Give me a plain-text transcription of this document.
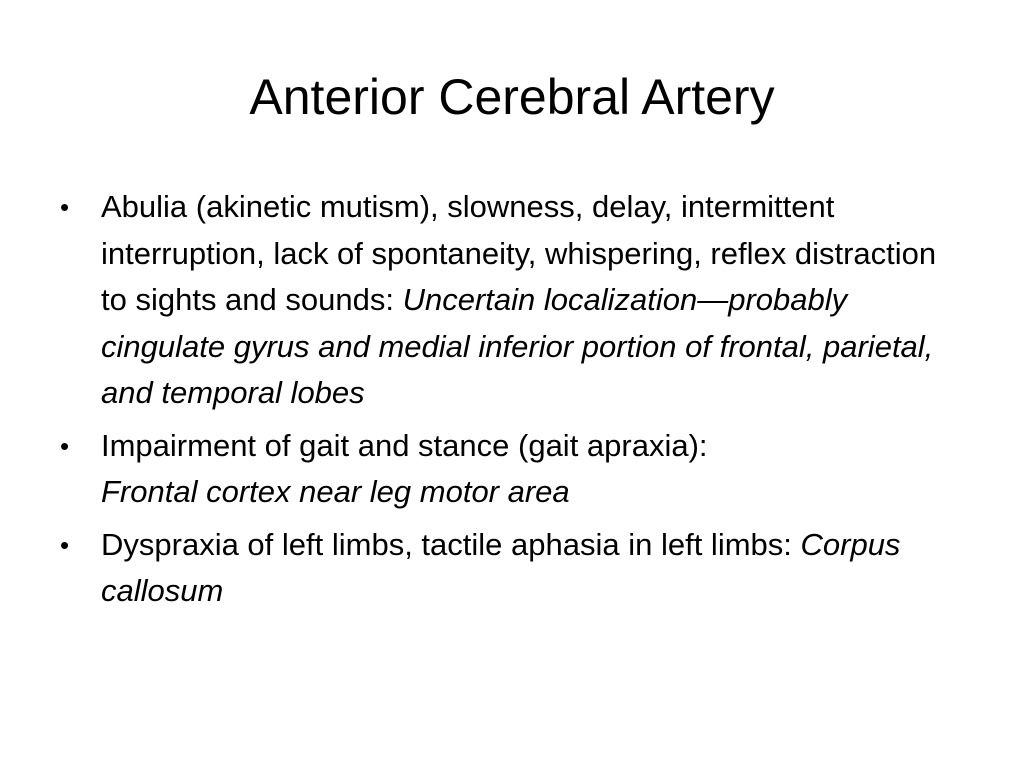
Anterior Cerebral Artery
•	Abulia (akinetic mutism), slowness, delay, intermittent interruption, lack of spontaneity, whispering, reflex distraction to sights and sounds: Uncertain localization—probably cingulate gyrus and medial inferior portion of frontal, parietal, and temporal lobes
•	Impairment of gait and stance (gait apraxia):
Frontal cortex near leg motor area
•	Dyspraxia of left limbs, tactile aphasia in left limbs: Corpus callosum
